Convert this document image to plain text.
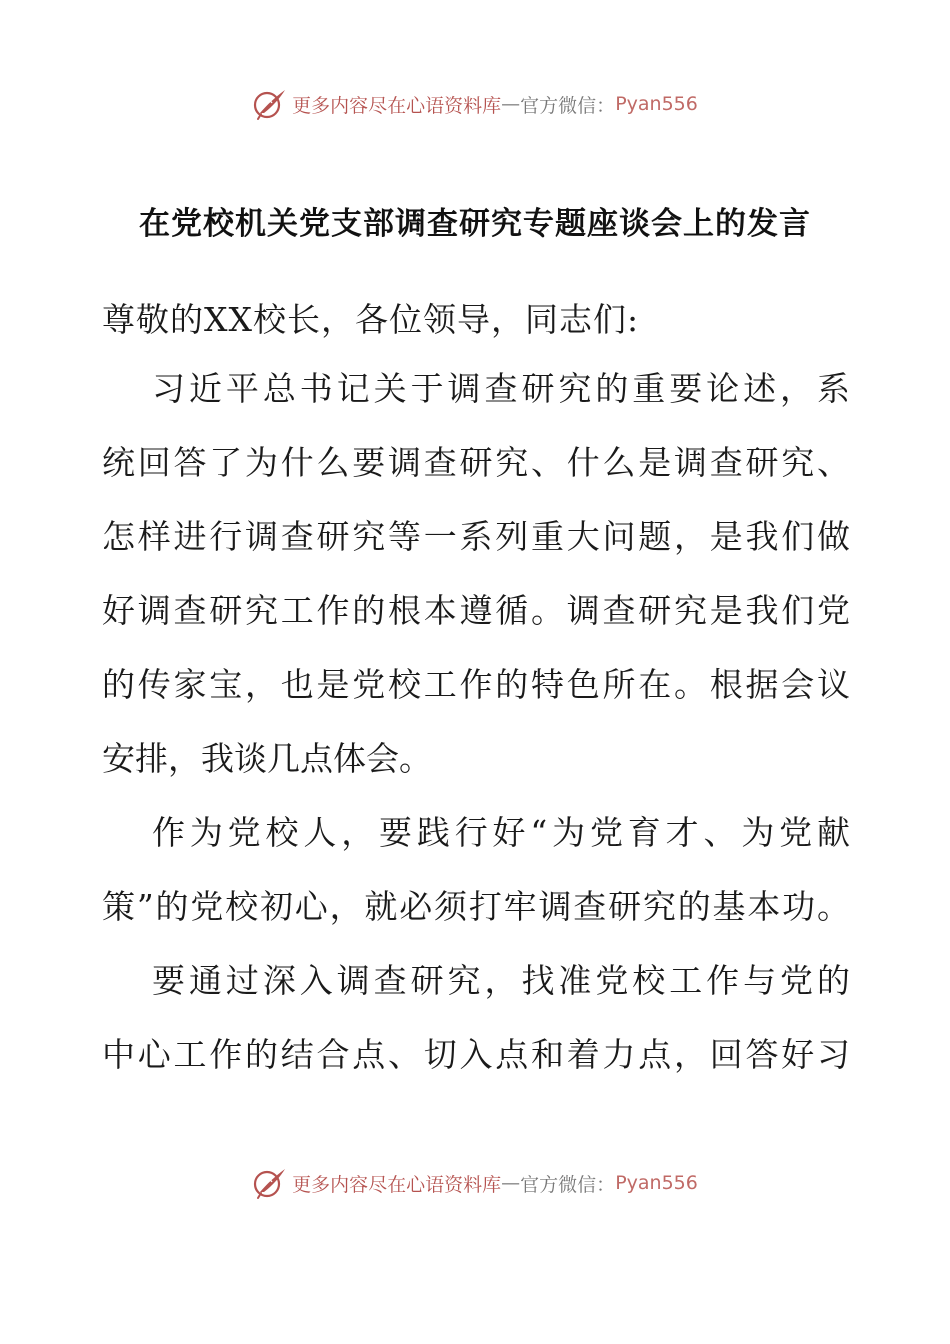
更多内容尽在心语资料库 — 官方微信： Pyan556
在党校机关党支部调查研究专题座谈会上的发言
尊敬的XX校长，各位领导，同志们:
习近平总书记关于调查研究的重要论述，系
统回答了为什么要调查研究、什么是调查研究、
怎样进行调查研究等一系列重大问题，是我们做
好调查研究工作的根本遵循。调查研究是我们党
的传家宝，也是党校工作的特色所在。根据会议
安排，我谈几点体会。
作为党校人，要践行好“为党育才、为党献
策”的党校初心，就必须打牢调查研究的基本功。
要通过深入调查研究，找准党校工作与党的
中心工作的结合点、切入点和着力点，回答好习
更多内容尽在心语资料库 — 官方微信： Pyan556
